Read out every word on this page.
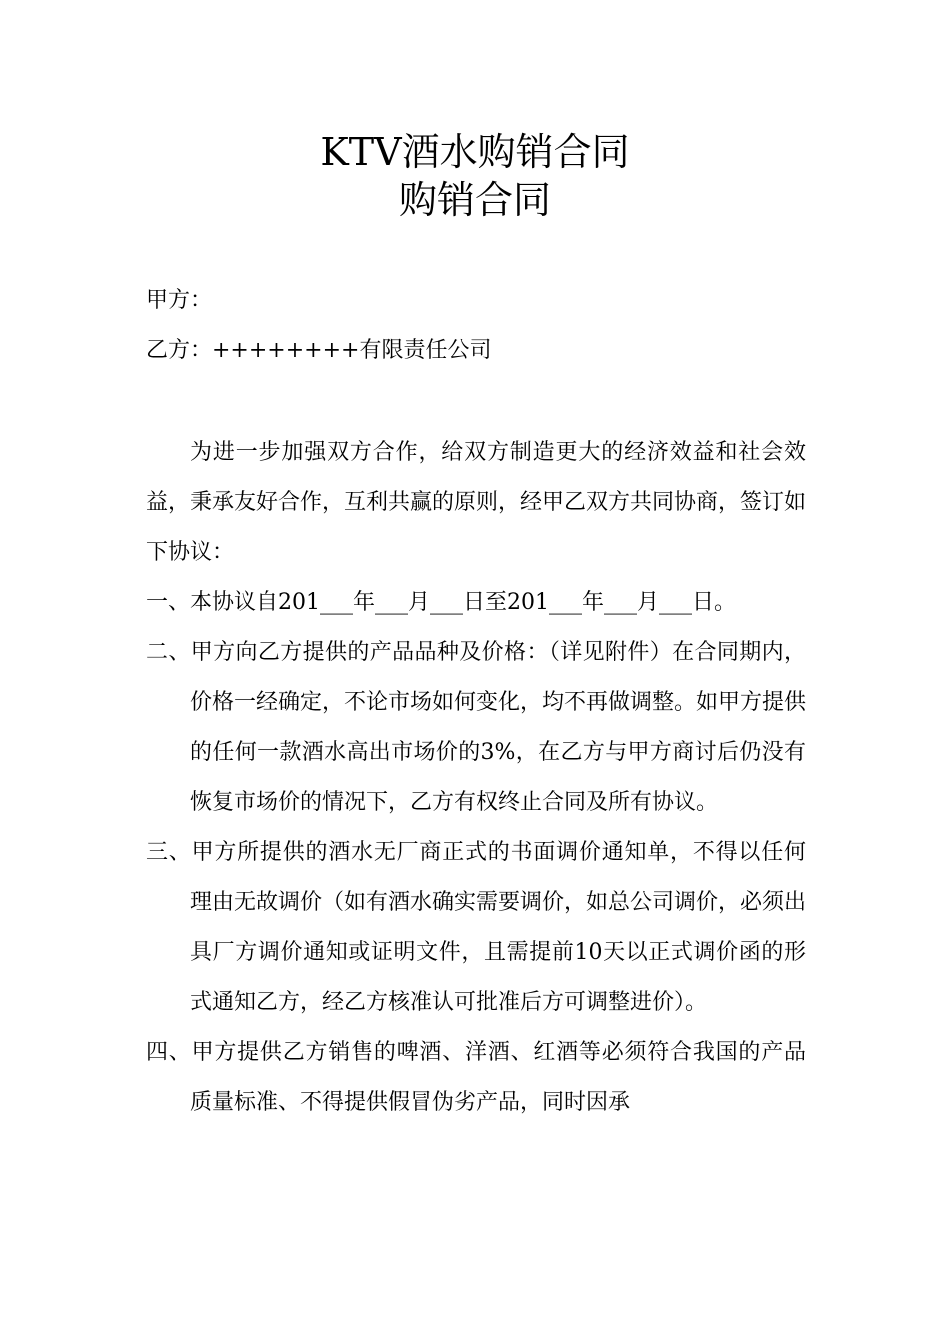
KTV酒水购销合同
购销合同
甲方：
乙方：++++++++有限责任公司

为进一步加强双方合作，给双方制造更大的经济效益和社会效益，秉承友好合作，互利共赢的原则，经甲乙双方共同协商，签订如下协议：

一、本协议自201___年___月___日至201___年___月___日。

二、甲方向乙方提供的产品品种及价格：（详见附件）在合同期内，价格一经确定，不论市场如何变化，均不再做调整。如甲方提供的任何一款酒水高出市场价的3%，在乙方与甲方商讨后仍没有恢复市场价的情况下，乙方有权终止合同及所有协议。

三、甲方所提供的酒水无厂商正式的书面调价通知单，不得以任何理由无故调价（如有酒水确实需要调价，如总公司调价，必须出具厂方调价通知或证明文件，且需提前10天以正式调价函的形式通知乙方，经乙方核准认可批准后方可调整进价）。

四、甲方提供乙方销售的啤酒、洋酒、红酒等必须符合我国的产品质量标准、不得提供假冒伪劣产品，同时因承
